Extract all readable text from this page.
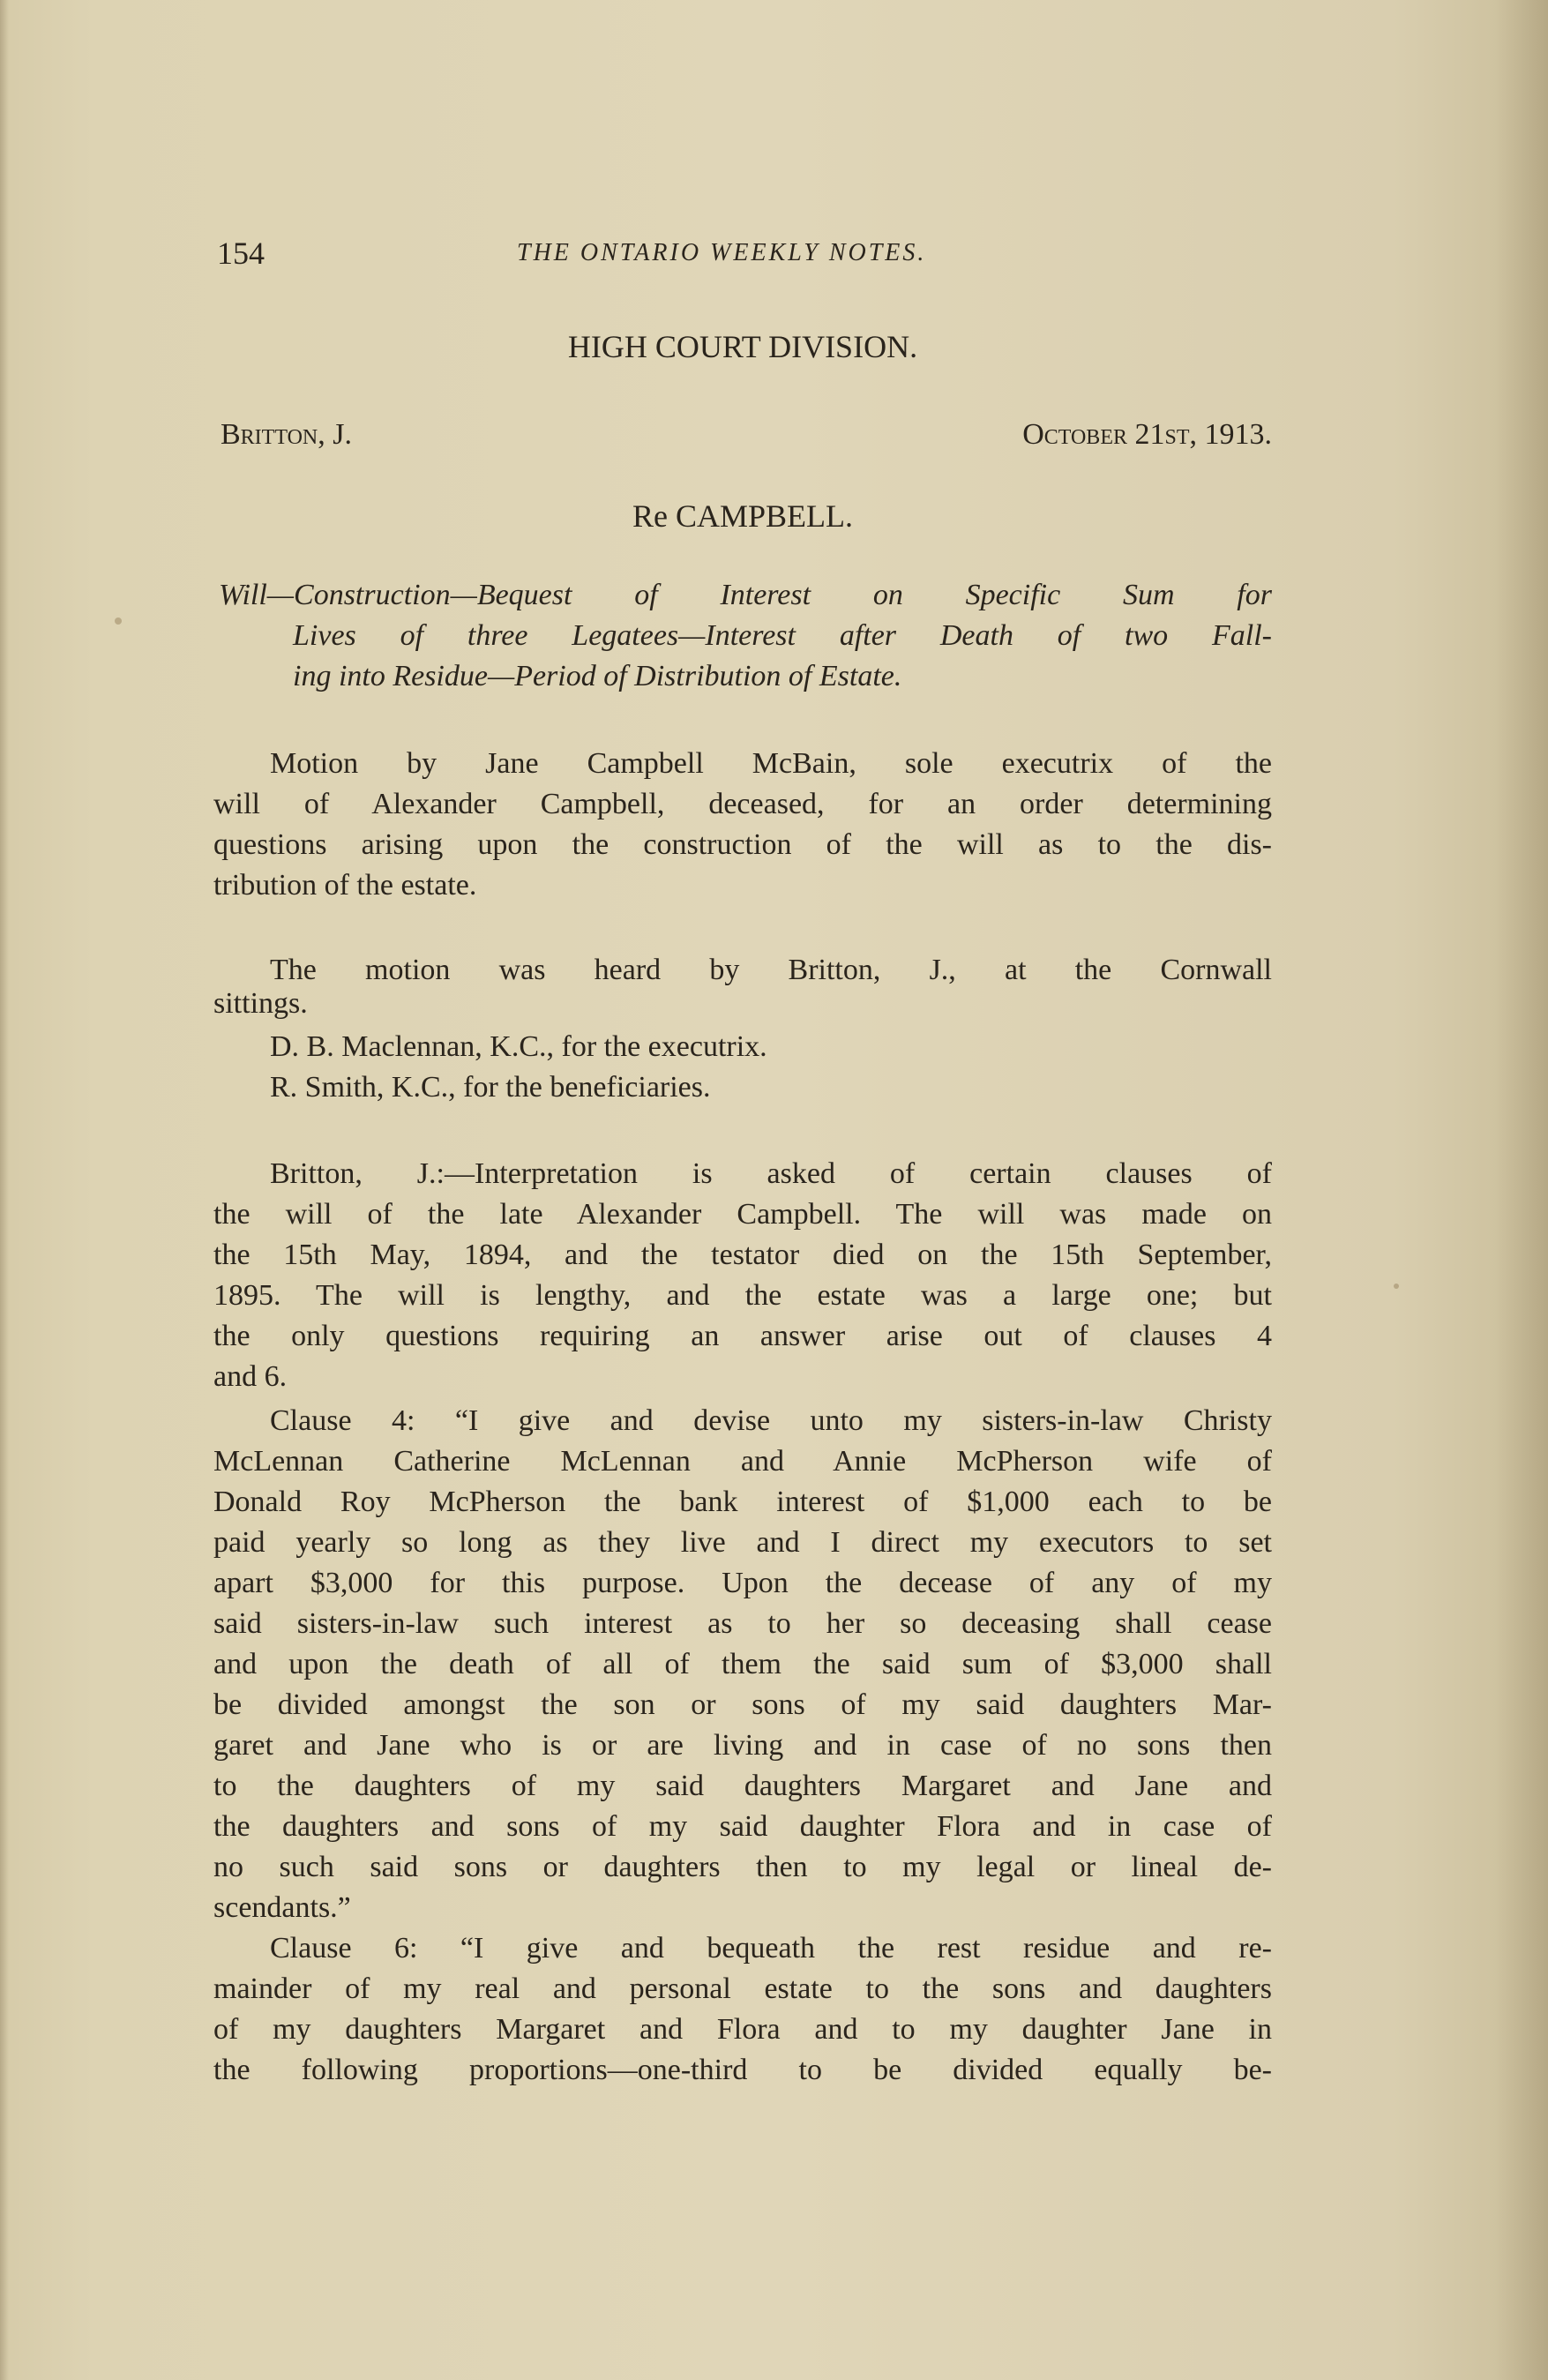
154	THE ONTARIO WEEKLY NOTES.
HIGH COURT DIVISION.
Britton, J.	October 21st, 1913.
Re CAMPBELL.
Will—Construction—Bequest of Interest on Specific Sum for
Lives of three Legatees—Interest after Death of two Fall-
ing into Residue—Period of Distribution of Estate.
Motion by Jane Campbell McBain, sole executrix of the
will of Alexander Campbell, deceased, for an order determining
questions arising upon the construction of the will as to the dis-
tribution of the estate.
The motion was heard by Britton, J., at the Cornwall
sittings.
D. B. Maclennan, K.C., for the executrix.
R. Smith, K.C., for the beneficiaries.
Britton, J.:—Interpretation is asked of certain clauses of
the will of the late Alexander Campbell. The will was made on
the 15th May, 1894, and the testator died on the 15th September,
1895. The will is lengthy, and the estate was a large one; but
the only questions requiring an answer arise out of clauses 4
and 6.
Clause 4: “I give and devise unto my sisters-in-law Christy
McLennan Catherine McLennan and Annie McPherson wife of
Donald Roy McPherson the bank interest of $1,000 each to be
paid yearly so long as they live and I direct my executors to set
apart $3,000 for this purpose. Upon the decease of any of my
said sisters-in-law such interest as to her so deceasing shall cease
and upon the death of all of them the said sum of $3,000 shall
be divided amongst the son or sons of my said daughters Mar-
garet and Jane who is or are living and in case of no sons then
to the daughters of my said daughters Margaret and Jane and
the daughters and sons of my said daughter Flora and in case of
no such said sons or daughters then to my legal or lineal de-
scendants.”
Clause 6: “I give and bequeath the rest residue and re-
mainder of my real and personal estate to the sons and daughters
of my daughters Margaret and Flora and to my daughter Jane in
the following proportions—one-third to be divided equally be-
